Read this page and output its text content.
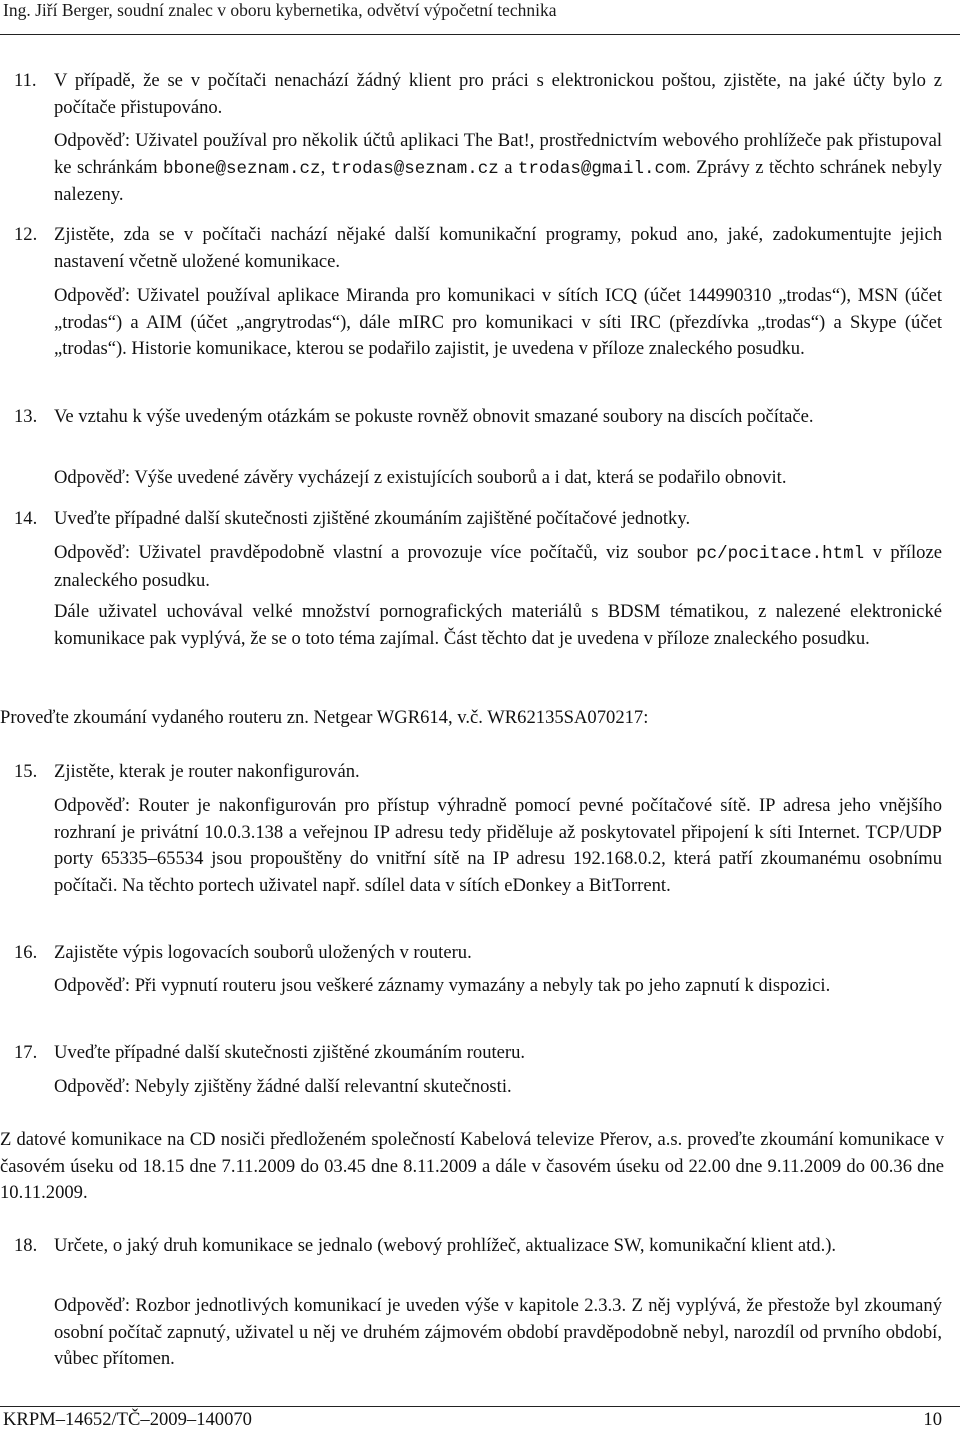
Ing. Jiří Berger, soudní znalec v oboru kybernetika, odvětví výpočetní technika
11. V případě, že se v počítači nenachází žádný klient pro práci s elektronickou poštou, zjistěte, na jaké účty bylo z počítače přistupováno.
Odpověď: Uživatel používal pro několik účtů aplikaci The Bat!, prostřednictvím webového prohlížeče pak přistupoval ke schránkám bbone@seznam.cz, trodas@seznam.cz a trodas@gmail.com. Zprávy z těchto schránek nebyly nalezeny.
12. Zjistěte, zda se v počítači nachází nějaké další komunikační programy, pokud ano, jaké, zadokumentujte jejich nastavení včetně uložené komunikace.
Odpověď: Uživatel používal aplikace Miranda pro komunikaci v sítích ICQ (účet 144990310 „trodas“), MSN (účet „trodas“) a AIM (účet „angrytrodas“), dále mIRC pro komunikaci v síti IRC (přezdívka „trodas“) a Skype (účet „trodas“). Historie komunikace, kterou se podařilo zajistit, je uvedena v příloze znaleckého posudku.
13. Ve vztahu k výše uvedeným otázkám se pokuste rovněž obnovit smazané soubory na discích počítače.
Odpověď: Výše uvedené závěry vycházejí z existujících souborů a i dat, která se podařilo obnovit.
14. Uveďte případné další skutečnosti zjištěné zkoumáním zajištěné počítačové jednotky.
Odpověď: Uživatel pravděpodobně vlastní a provozuje více počítačů, viz soubor pc/pocitace.html v příloze znaleckého posudku.
Dále uživatel uchovával velké množství pornografických materiálů s BDSM tématikou, z nalezené elektronické komunikace pak vyplývá, že se o toto téma zajímal. Část těchto dat je uvedena v příloze znaleckého posudku.
Proveďte zkoumání vydaného routeru zn. Netgear WGR614, v.č. WR62135SA070217:
15. Zjistěte, kterak je router nakonfigurován.
Odpověď: Router je nakonfigurován pro přístup výhradně pomocí pevné počítačové sítě. IP adresa jeho vnějšího rozhraní je privátní 10.0.3.138 a veřejnou IP adresu tedy přiděluje až poskytovatel připojení k síti Internet. TCP/UDP porty 65335–65534 jsou propouštěny do vnitřní sítě na IP adresu 192.168.0.2, která patří zkoumanému osobnímu počítači. Na těchto portech uživatel např. sdílel data v sítích eDonkey a BitTorrent.
16. Zajistěte výpis logovacích souborů uložených v routeru.
Odpověď: Při vypnutí routeru jsou veškeré záznamy vymazány a nebyly tak po jeho zapnutí k dispozici.
17. Uveďte případné další skutečnosti zjištěné zkoumáním routeru.
Odpověď: Nebyly zjištěny žádné další relevantní skutečnosti.
Z datové komunikace na CD nosiči předloženém společností Kabelová televize Přerov, a.s. proveďte zkoumání komunikace v časovém úseku od 18.15 dne 7.11.2009 do 03.45 dne 8.11.2009 a dále v časovém úseku od 22.00 dne 9.11.2009 do 00.36 dne 10.11.2009.
18. Určete, o jaký druh komunikace se jednalo (webový prohlížeč, aktualizace SW, komunikační klient atd.).
Odpověď: Rozbor jednotlivých komunikací je uveden výše v kapitole 2.3.3. Z něj vyplývá, že přestože byl zkoumaný osobní počítač zapnutý, uživatel u něj ve druhém zájmovém období pravděpodobně nebyl, narozdíl od prvního období, vůbec přítomen.
KRPM–14652/TČ–2009–140070	10
